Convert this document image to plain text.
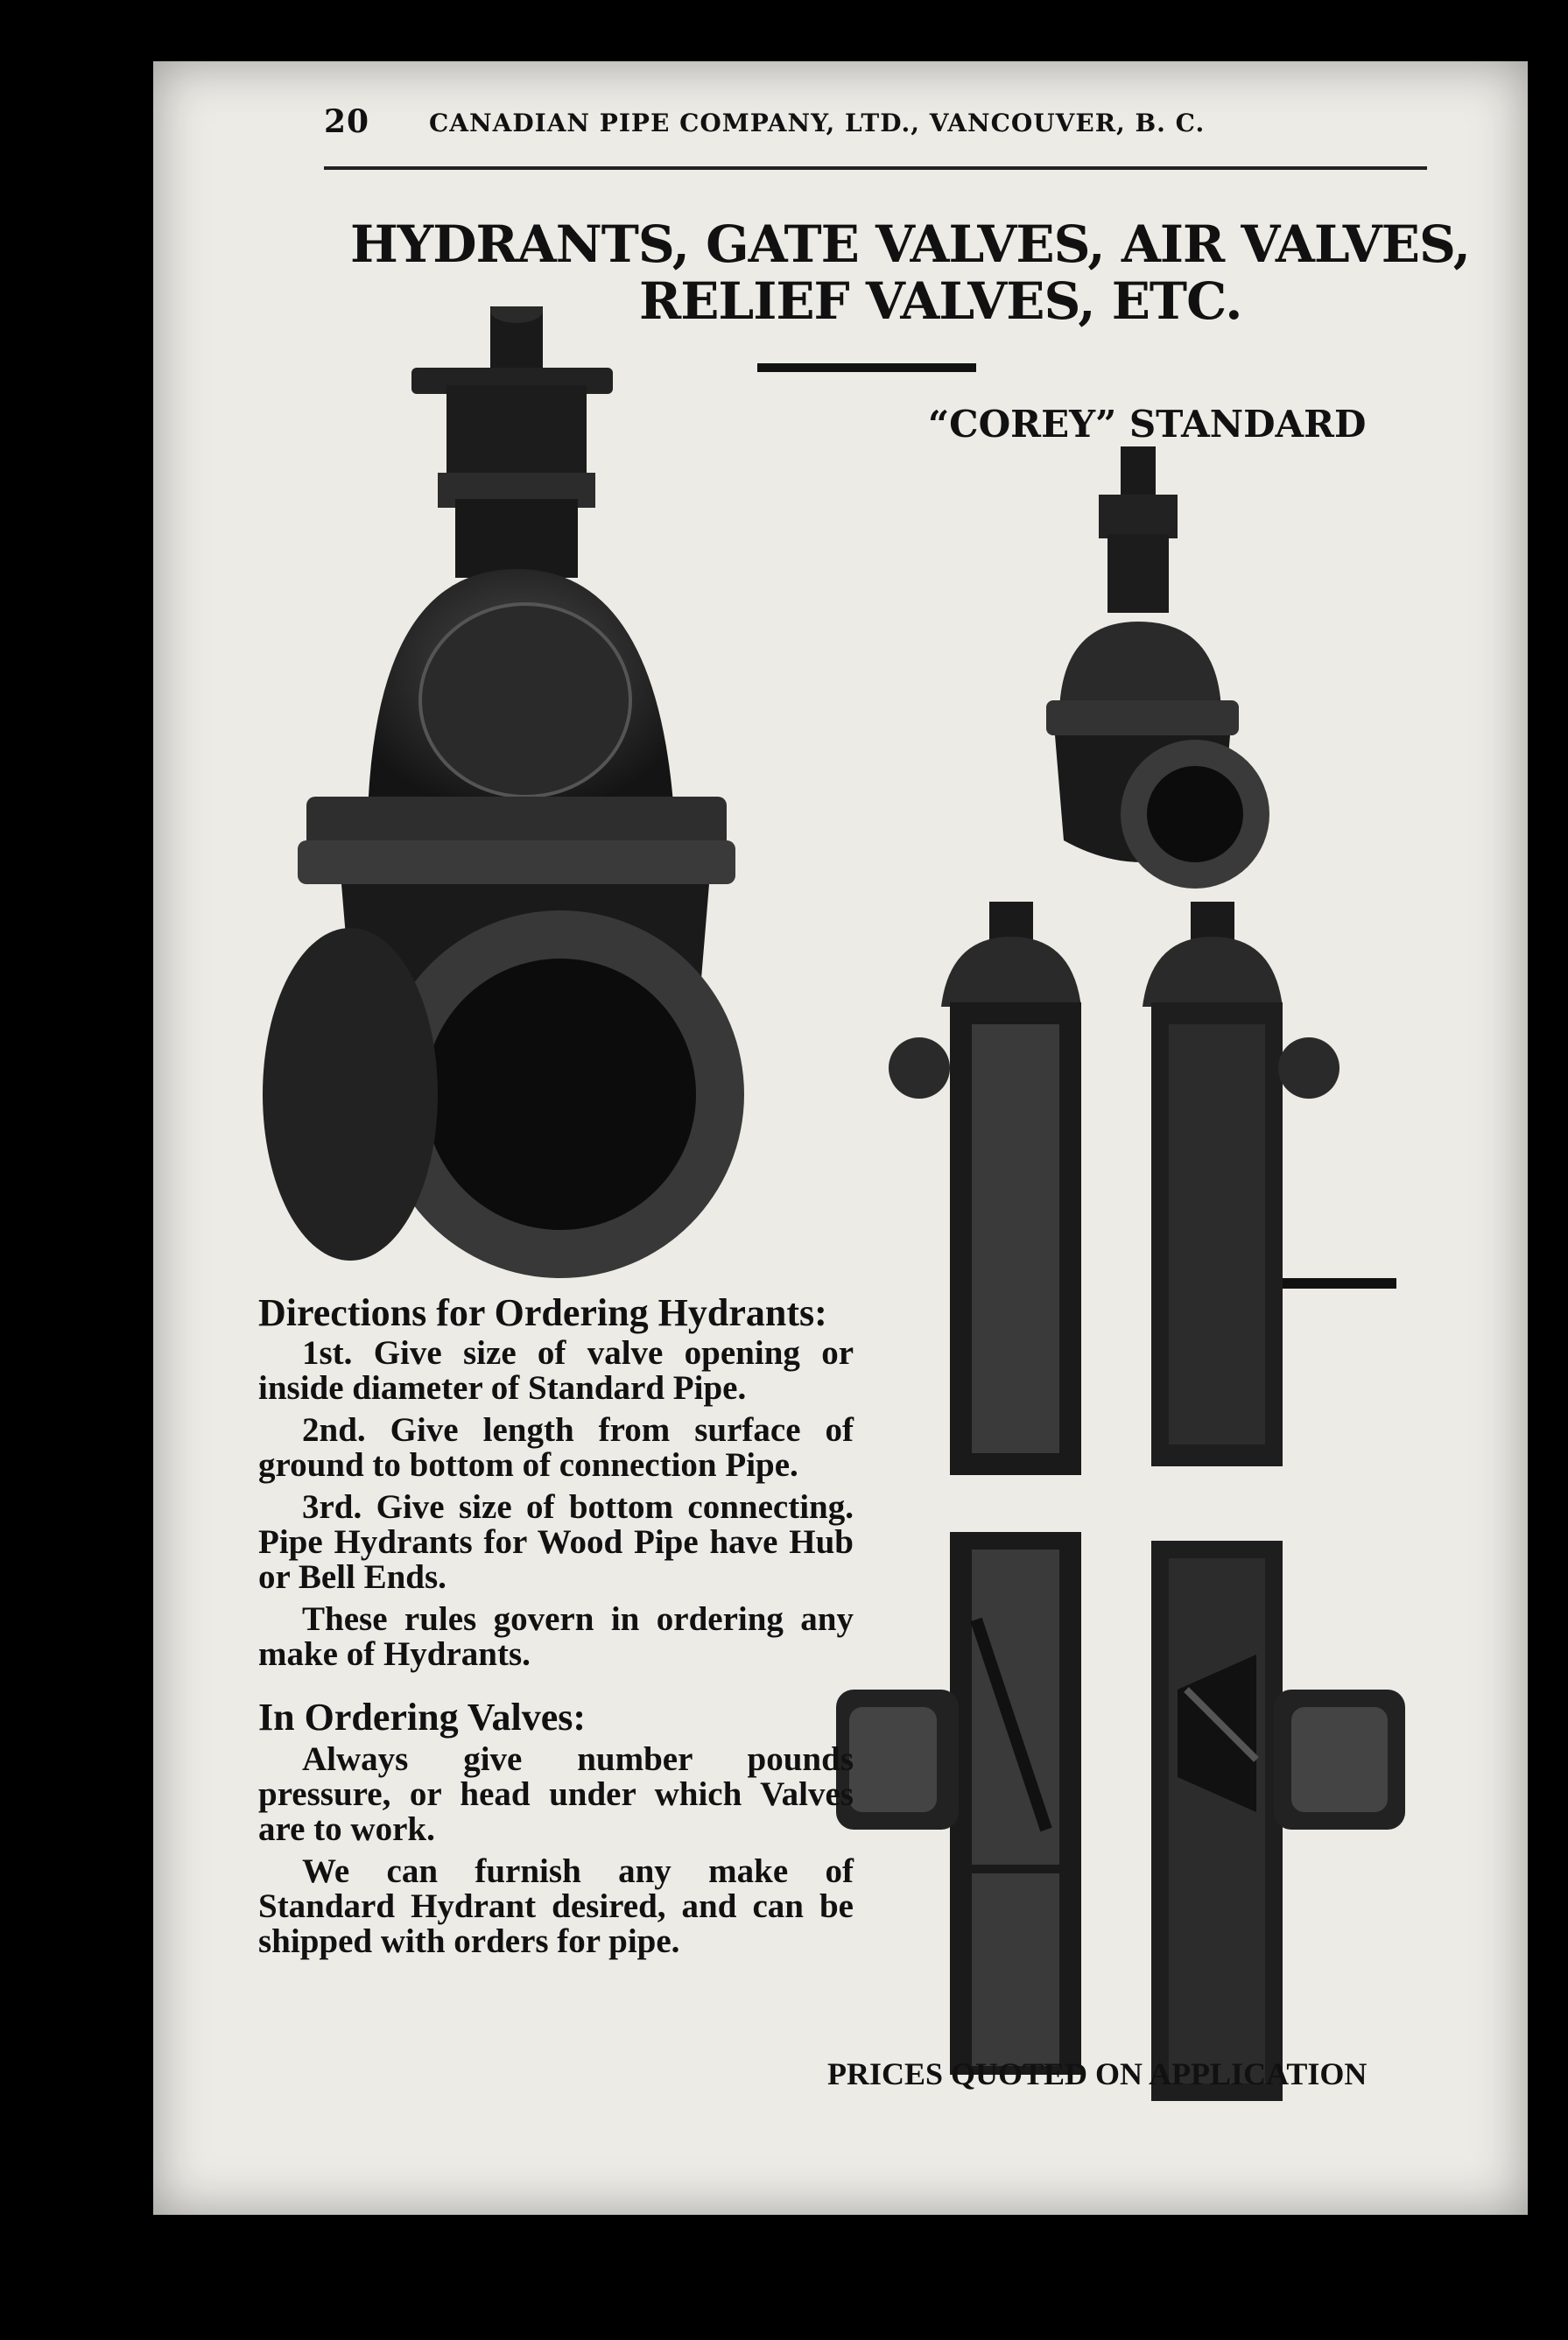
20 CANADIAN PIPE COMPANY, LTD., VANCOUVER, B. C.
HYDRANTS, GATE VALVES, AIR VALVES,
RELIEF VALVES, ETC.
“COREY” STANDARD
Directions for Ordering Hydrants:

1st. Give size of valve opening or inside diameter of Standard Pipe.

2nd. Give length from surface of ground to bottom of connection Pipe.

3rd. Give size of bottom connecting. Pipe Hydrants for Wood Pipe have Hub or Bell Ends.

These rules govern in ordering any make of Hydrants.

In Ordering Valves:

Always give number pounds pressure, or head under which Valves are to work.

We can furnish any make of Standard Hydrant desired, and can be shipped with orders for pipe.

PRICES QUOTED ON APPLICATION
